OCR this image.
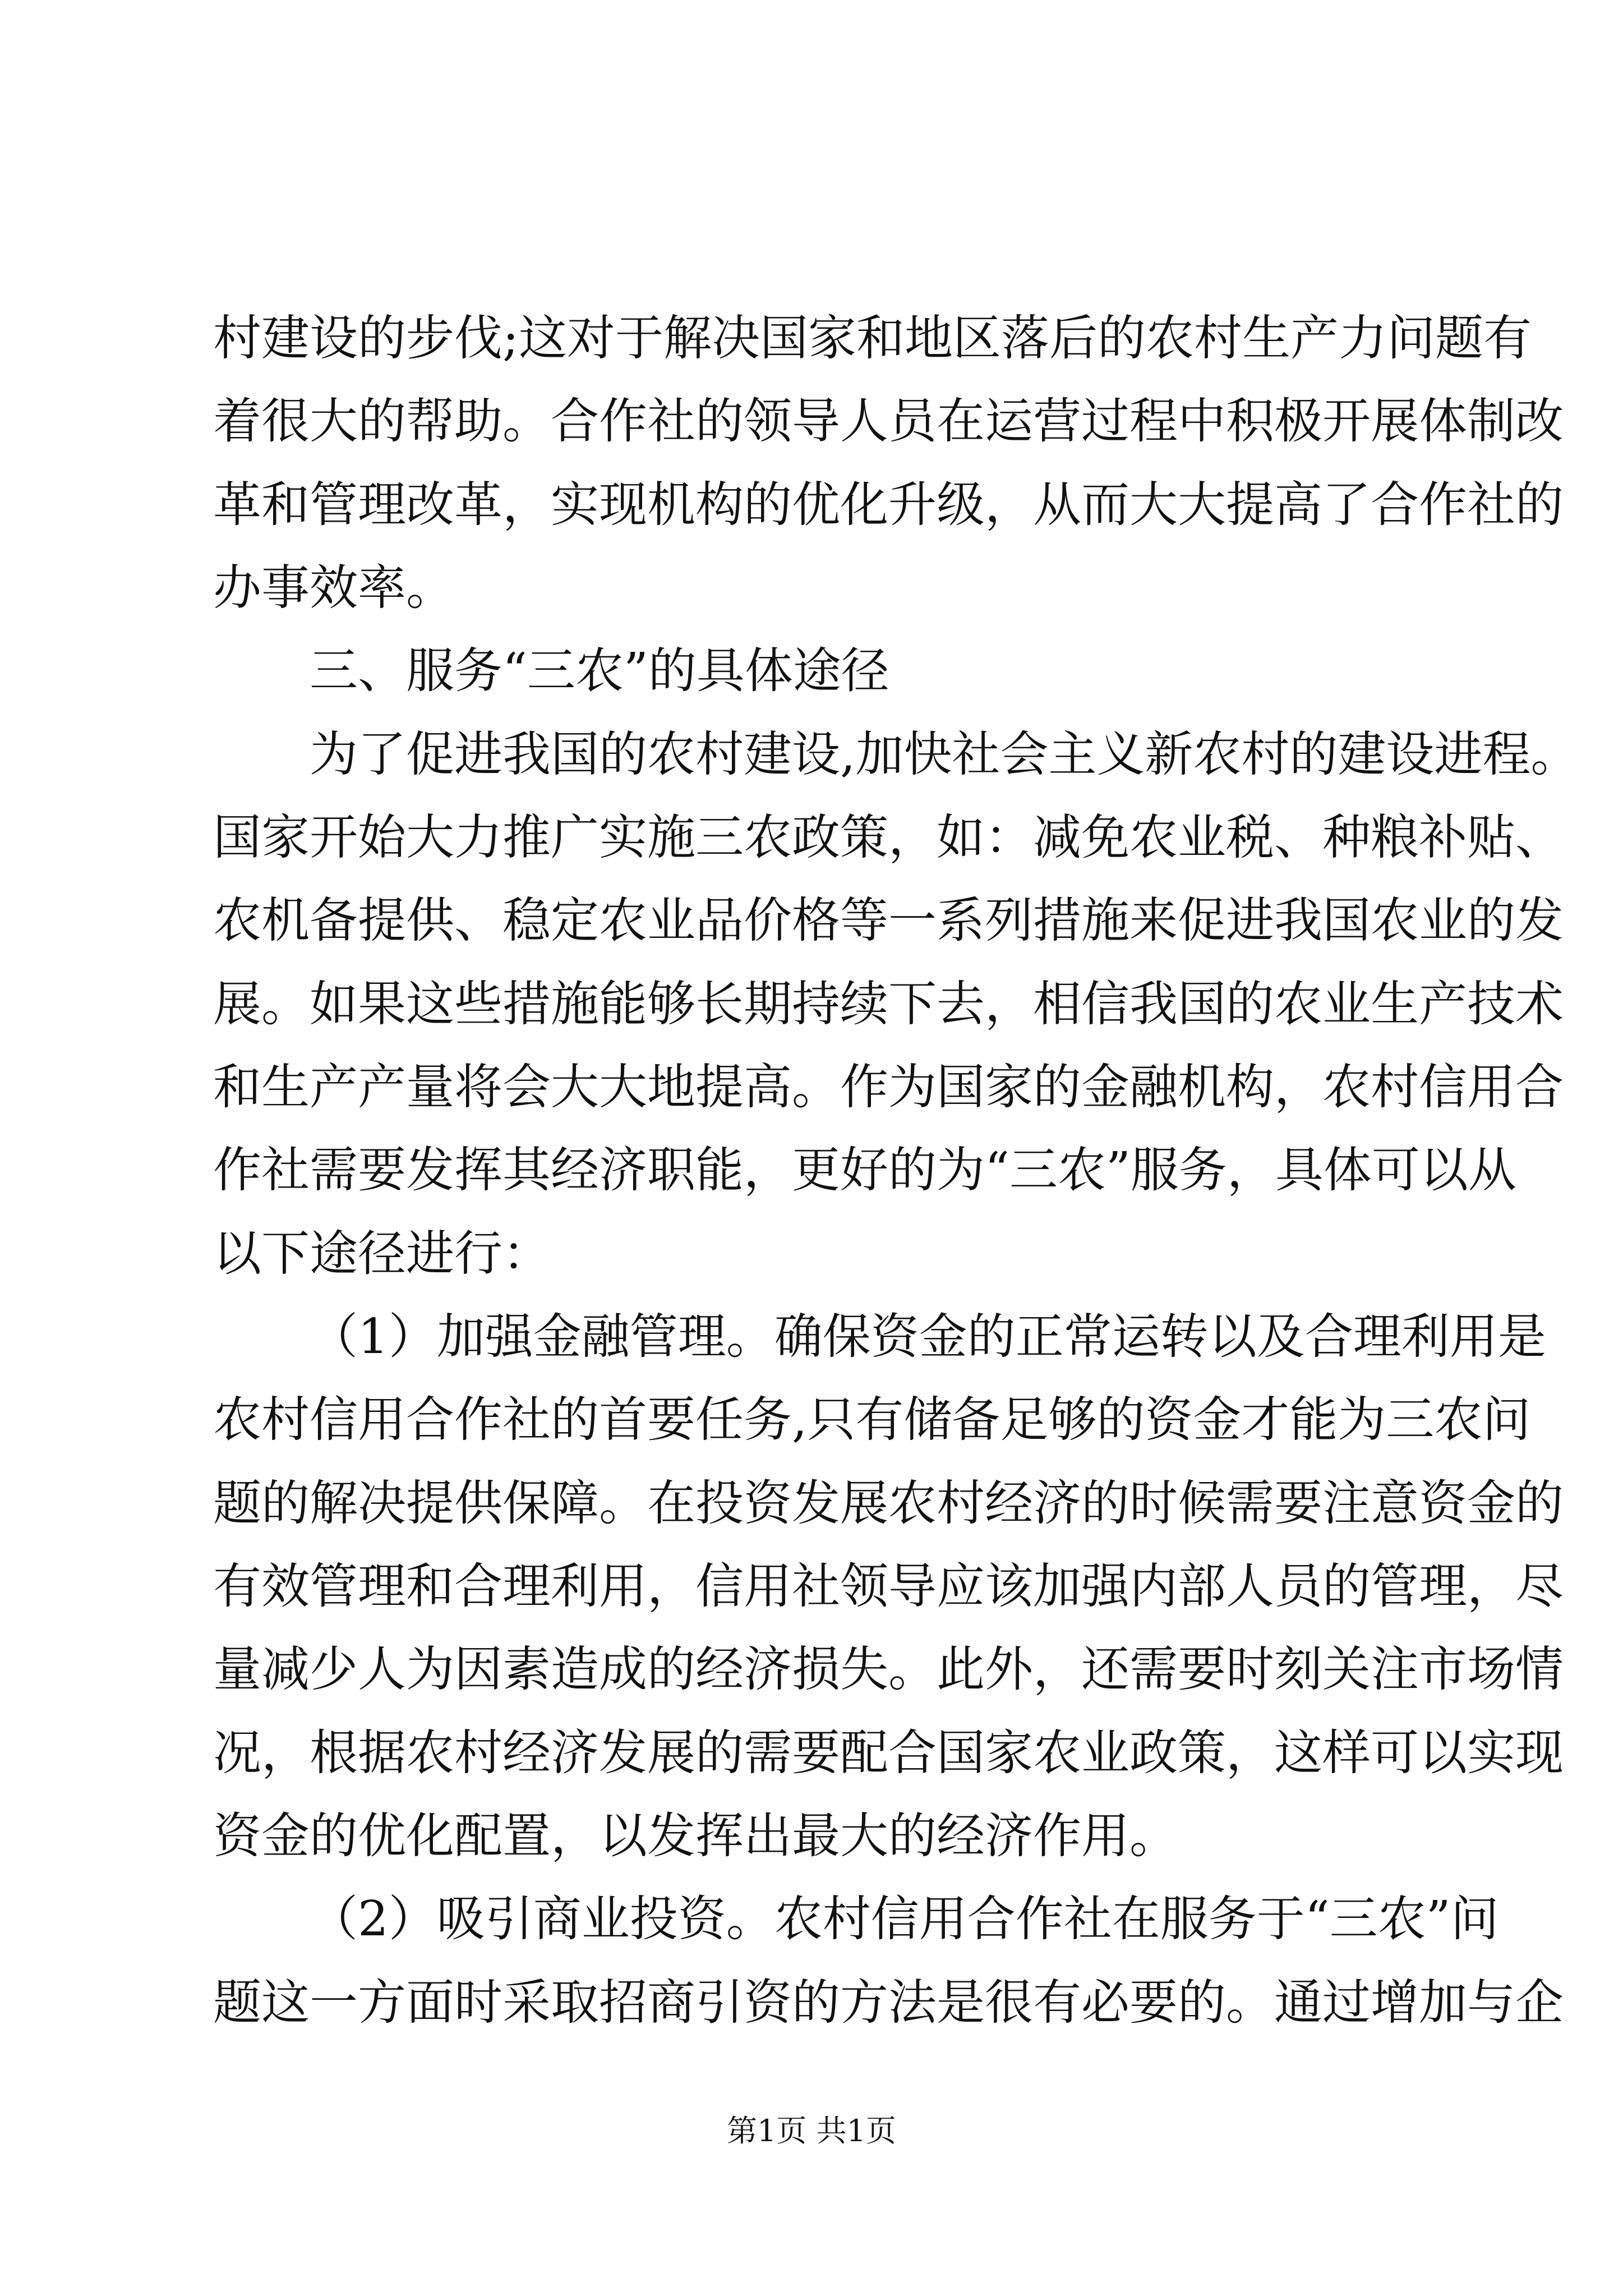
村建设的步伐;这对于解决国家和地区落后的农村生产力问题有
着很大的帮助。合作社的领导人员在运营过程中积极开展体制改
革和管理改革，实现机构的优化升级，从而大大提高了合作社的
办事效率。
三、服务“三农”的具体途径
为了促进我国的农村建设,加快社会主义新农村的建设进程。
国家开始大力推广实施三农政策，如：减免农业税、种粮补贴、
农机备提供、稳定农业品价格等一系列措施来促进我国农业的发
展。如果这些措施能够长期持续下去，相信我国的农业生产技术
和生产产量将会大大地提高。作为国家的金融机构，农村信用合
作社需要发挥其经济职能，更好的为“三农”服务，具体可以从
以下途径进行：
（1）加强金融管理。确保资金的正常运转以及合理利用是
农村信用合作社的首要任务,只有储备足够的资金才能为三农问
题的解决提供保障。在投资发展农村经济的时候需要注意资金的
有效管理和合理利用，信用社领导应该加强内部人员的管理，尽
量减少人为因素造成的经济损失。此外，还需要时刻关注市场情
况，根据农村经济发展的需要配合国家农业政策，这样可以实现
资金的优化配置，以发挥出最大的经济作用。
（2）吸引商业投资。农村信用合作社在服务于“三农”问
题这一方面时采取招商引资的方法是很有必要的。通过增加与企
第1页 共1页
